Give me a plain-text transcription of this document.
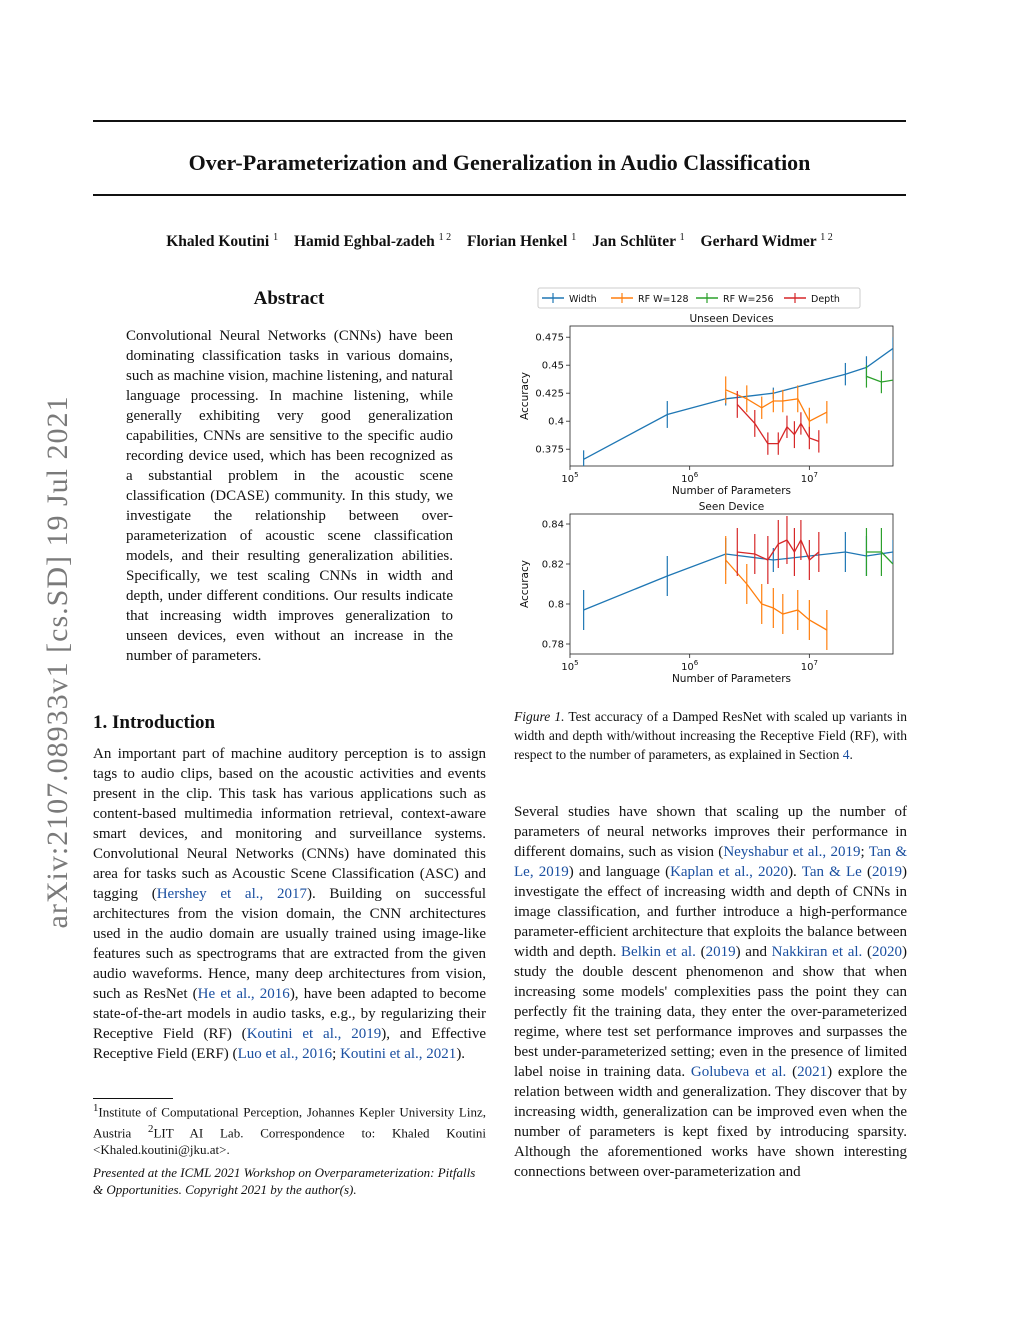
Over-Parameterization and Generalization in Audio Classification
Khaled Koutini $^1$ Hamid Eghbal-zadeh $^{1 2}$ Florian Henkel $^1$ Jan Schlüter $^1$ Gerhard Widmer $^{1 2}$
arXiv:2107.08933v1 [cs.SD] 19 Jul 2021
Abstract
Convolutional Neural Networks (CNNs) have been dominating classification tasks in various domains, such as machine vision, machine listening, and natural language processing. In machine listening, while generally exhibiting very good generalization capabilities, CNNs are sensitive to the specific audio recording device used, which has been recognized as a substantial problem in the acoustic scene classification (DCASE) community. In this study, we investigate the relationship between over-parameterization of acoustic scene classification models, and their resulting generalization abilities. Specifically, we test scaling CNNs in width and depth, under different conditions. Our results indicate that increasing width improves generalization to unseen devices, even without an increase in the number of parameters.
1. Introduction
An important part of machine auditory perception is to assign tags to audio clips, based on the acoustic activities and events present in the clip. This task has various applications such as content-based multimedia information retrieval, context-aware smart devices, and monitoring and surveillance systems. Convolutional Neural Networks (CNNs) have dominated this area for tasks such as Acoustic Scene Classification (ASC) and tagging (Hershey et al., 2017). Building on successful architectures from the vision domain, the CNN architectures used in the audio domain are usually trained using image-like features such as spectrograms that are extracted from the given audio waveforms. Hence, many deep architectures from vision, such as ResNet (He et al., 2016), have been adapted to become state-of-the-art models in audio tasks, e.g., by regularizing their Receptive Field (RF) (Koutini et al., 2019), and Effective Receptive Field (ERF) (Luo et al., 2016; Koutini et al., 2021).
$^1$Institute of Computational Perception, Johannes Kepler University Linz, Austria $^2$LIT AI Lab. Correspondence to: Khaled Koutini <Khaled.koutini@jku.at>.
Presented at the ICML 2021 Workshop on Overparameterization: Pitfalls & Opportunities. Copyright 2021 by the author(s).
Width	RF W=128	RF W=256	Depth
Unseen Devices
0.375
0.4
0.425
0.45
0.475
$10^5$	$10^6$	$10^7$
Number of Parameters
Accuracy
Seen Device
0.78
0.8
0.82
0.84
$10^5$	$10^6$	$10^7$
Number of Parameters
Accuracy
Figure 1. Test accuracy of a Damped ResNet with scaled up variants in width and depth with/without increasing the Receptive Field (RF), with respect to the number of parameters, as explained in Section 4.
Several studies have shown that scaling up the number of parameters of neural networks improves their performance in different domains, such as vision (Neyshabur et al., 2019; Tan & Le, 2019) and language (Kaplan et al., 2020). Tan & Le (2019) investigate the effect of increasing width and depth of CNNs in image classification, and further introduce a high-performance parameter-efficient architecture that exploits the balance between width and depth. Belkin et al. (2019) and Nakkiran et al. (2020) study the double descent phenomenon and show that when increasing some models' complexities pass the point they can perfectly fit the training data, they enter the over-parameterized regime, where test set performance improves and surpasses the best under-parameterized setting; even in the presence of limited label noise in training data. Golubeva et al. (2021) explore the relation between width and generalization. They discover that by increasing width, generalization can be improved even when the number of parameters is kept fixed by introducing sparsity. Although the aforementioned works have shown interesting connections between over-parameterization and
